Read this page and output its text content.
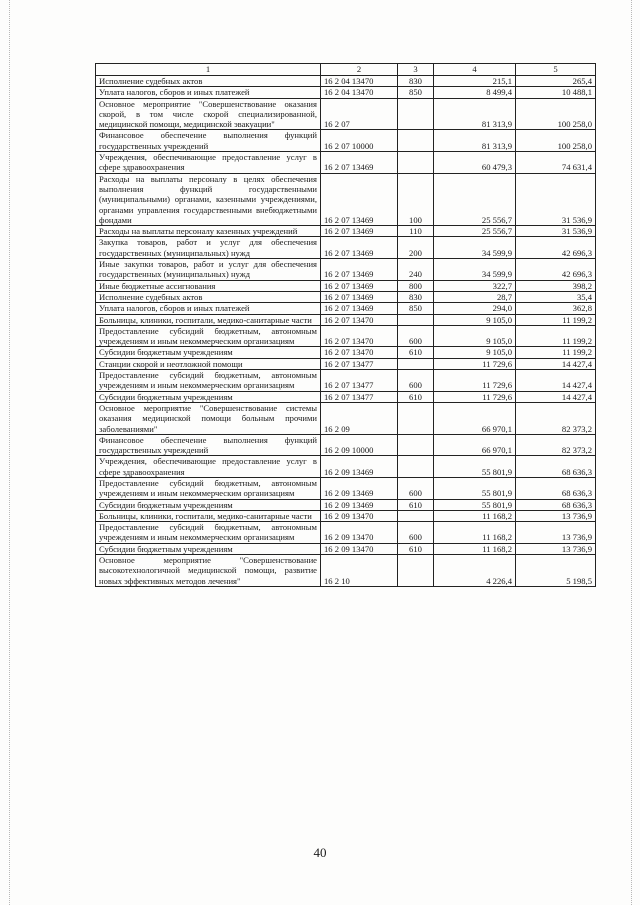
1	2	3	4	5
Исполнение судебных актов	16 2 04 13470	830	215,1	265,4
Уплата налогов, сборов и иных платежей	16 2 04 13470	850	8 499,4	10 488,1
Основное мероприятие "Совершенствование оказания скорой, в том числе скорой специализированной, медицинской помощи, медицинской эвакуации"	16 2 07		81 313,9	100 258,0
Финансовое обеспечение выполнения функций государственных учреждений	16 2 07 10000		81 313,9	100 258,0
Учреждения, обеспечивающие предоставление услуг в сфере здравоохранения	16 2 07 13469		60 479,3	74 631,4
Расходы на выплаты персоналу в целях обеспечения выполнения функций государственными (муниципальными) органами, казенными учреждениями, органами управления государственными внебюджетными фондами	16 2 07 13469	100	25 556,7	31 536,9
Расходы на выплаты персоналу казенных учреждений	16 2 07 13469	110	25 556,7	31 536,9
Закупка товаров, работ и услуг для обеспечения государственных (муниципальных) нужд	16 2 07 13469	200	34 599,9	42 696,3
Иные закупки товаров, работ и услуг для обеспечения государственных (муниципальных) нужд	16 2 07 13469	240	34 599,9	42 696,3
Иные бюджетные ассигнования	16 2 07 13469	800	322,7	398,2
Исполнение судебных актов	16 2 07 13469	830	28,7	35,4
Уплата налогов, сборов и иных платежей	16 2 07 13469	850	294,0	362,8
Больницы, клиники, госпитали, медико-санитарные части	16 2 07 13470		9 105,0	11 199,2
Предоставление субсидий бюджетным, автономным учреждениям и иным некоммерческим организациям	16 2 07 13470	600	9 105,0	11 199,2
Субсидии бюджетным учреждениям	16 2 07 13470	610	9 105,0	11 199,2
Станции скорой и неотложной помощи	16 2 07 13477		11 729,6	14 427,4
Предоставление субсидий бюджетным, автономным учреждениям и иным некоммерческим организациям	16 2 07 13477	600	11 729,6	14 427,4
Субсидии бюджетным учреждениям	16 2 07 13477	610	11 729,6	14 427,4
Основное мероприятие "Совершенствование системы оказания медицинской помощи больным прочими заболеваниями"	16 2 09		66 970,1	82 373,2
Финансовое обеспечение выполнения функций государственных учреждений	16 2 09 10000		66 970,1	82 373,2
Учреждения, обеспечивающие предоставление услуг в сфере здравоохранения	16 2 09 13469		55 801,9	68 636,3
Предоставление субсидий бюджетным, автономным учреждениям и иным некоммерческим организациям	16 2 09 13469	600	55 801,9	68 636,3
Субсидии бюджетным учреждениям	16 2 09 13469	610	55 801,9	68 636,3
Больницы, клиники, госпитали, медико-санитарные части	16 2 09 13470		11 168,2	13 736,9
Предоставление субсидий бюджетным, автономным учреждениям и иным некоммерческим организациям	16 2 09 13470	600	11 168,2	13 736,9
Субсидии бюджетным учреждениям	16 2 09 13470	610	11 168,2	13 736,9
Основное мероприятие "Совершенствование высокотехнологичной медицинской помощи, развитие новых эффективных методов лечения"	16 2 10		4 226,4	5 198,5
40
